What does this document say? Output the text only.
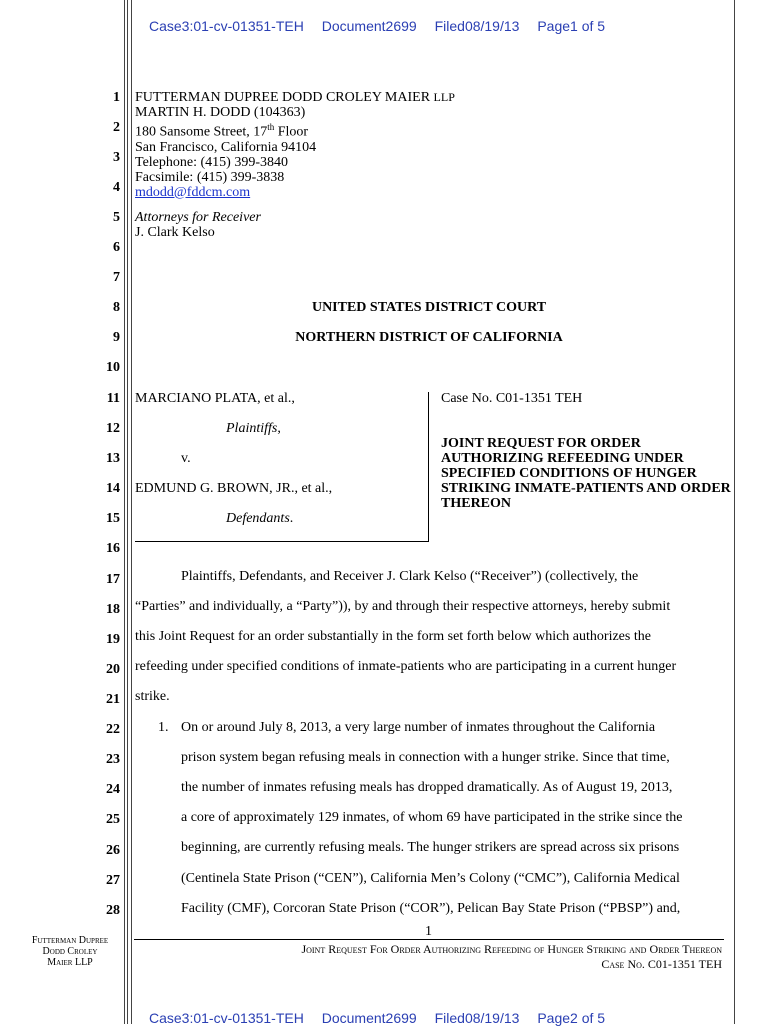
Case3:01-cv-01351-TEH Document2699 Filed08/19/13 Page1 of 5
1
2
3
4
5
6
7
8
9
10
11
12
13
14
15
16
17
18
19
20
21
22
23
24
25
26
27
28
FUTTERMAN DUPREE DODD CROLEY MAIER LLP
MARTIN H. DODD (104363)
180 Sansome Street, 17th Floor
San Francisco, California 94104
Telephone: (415) 399-3840
Facsimile: (415) 399-3838
mdodd@fddcm.com
Attorneys for Receiver
J. Clark Kelso
UNITED STATES DISTRICT COURT
NORTHERN DISTRICT OF CALIFORNIA
MARCIANO PLATA, et al.,
Plaintiffs,
v.
EDMUND G. BROWN, JR., et al.,
Defendants.
Case No. C01-1351 TEH
JOINT REQUEST FOR ORDER AUTHORIZING REFEEDING UNDER SPECIFIED CONDITIONS OF HUNGER STRIKING INMATE-PATIENTS AND ORDER THEREON
Plaintiffs, Defendants, and Receiver J. Clark Kelso (“Receiver”) (collectively, the
“Parties” and individually, a “Party”)), by and through their respective attorneys, hereby submit
this Joint Request for an order substantially in the form set forth below which authorizes the
refeeding under specified conditions of inmate-patients who are participating in a current hunger
strike.
1. On or around July 8, 2013, a very large number of inmates throughout the California
prison system began refusing meals in connection with a hunger strike. Since that time,
the number of inmates refusing meals has dropped dramatically. As of August 19, 2013,
a core of approximately 129 inmates, of whom 69 have participated in the strike since the
beginning, are currently refusing meals. The hunger strikers are spread across six prisons
(Centinela State Prison (“CEN”), California Men’s Colony (“CMC”), California Medical
Facility (CMF), Corcoran State Prison (“COR”), Pelican Bay State Prison (“PBSP”) and,
1
Futterman Dupree
Dodd Croley
Maier LLP
Joint Request For Order Authorizing Refeeding of Hunger Striking and Order Thereon
Case No. C01-1351 TEH
Case3:01-cv-01351-TEH Document2699 Filed08/19/13 Page2 of 5
